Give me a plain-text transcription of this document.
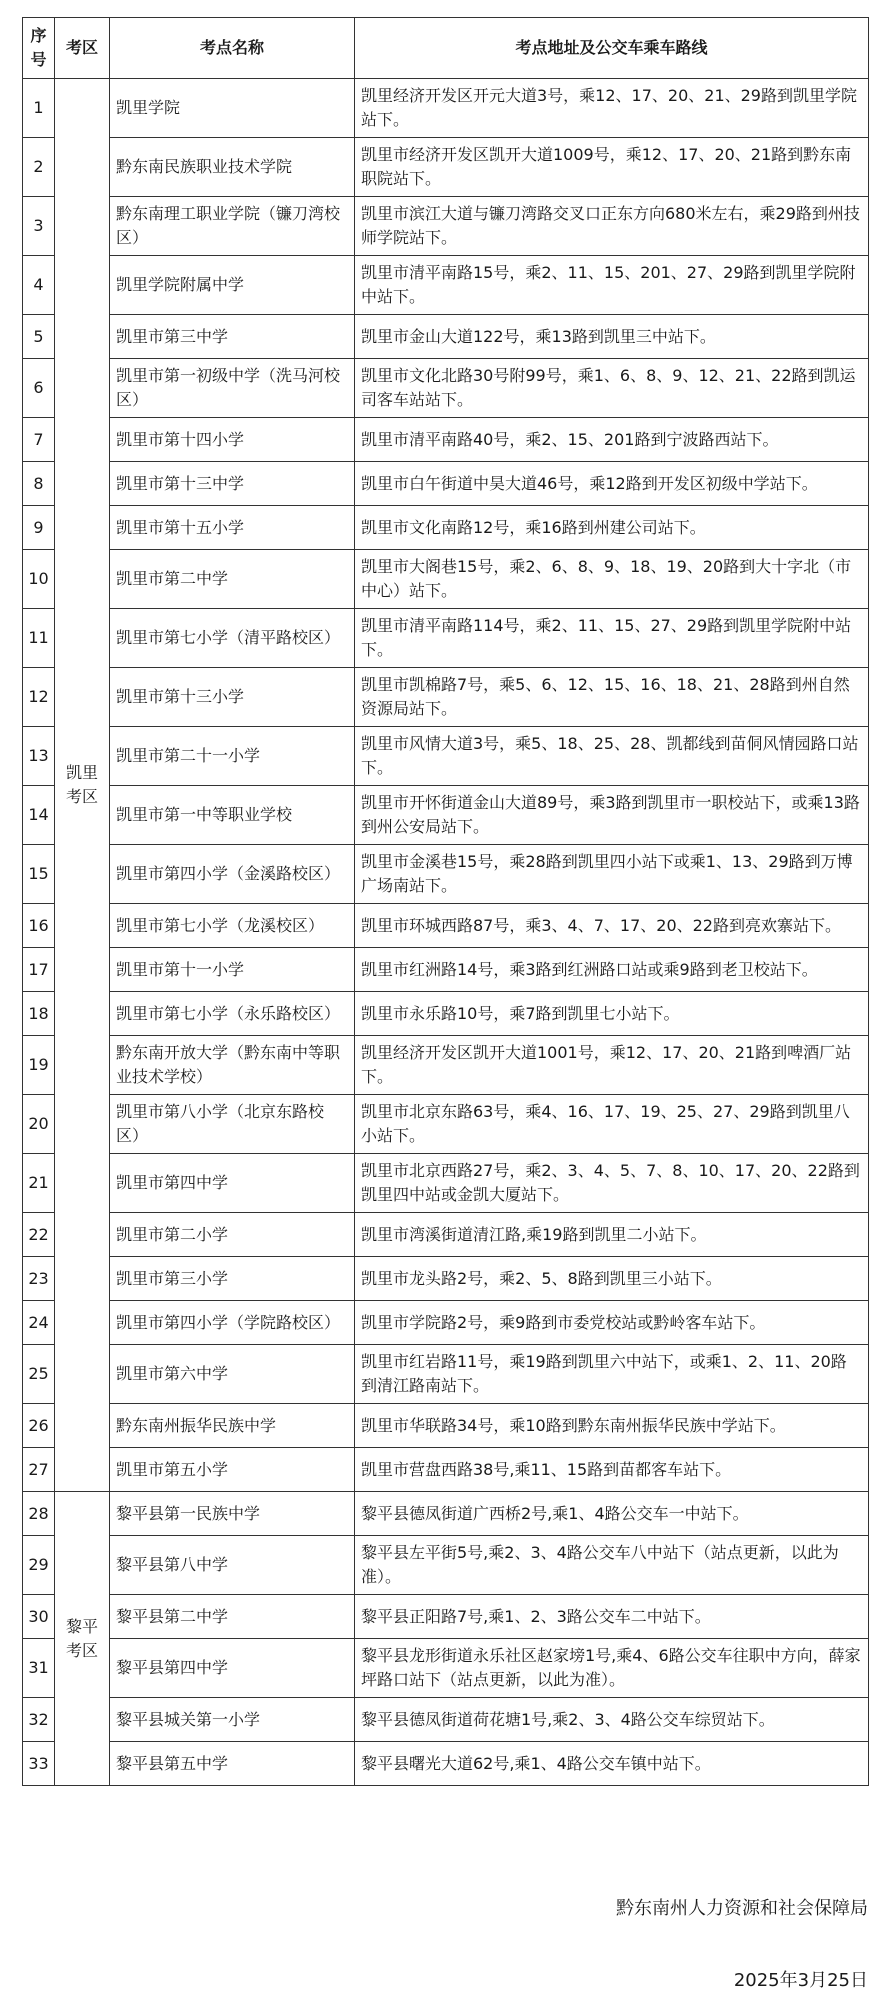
序号	考区	考点名称	考点地址及公交车乘车路线
1	凯里考区	凯里学院	凯里经济开发区开元大道3号，乘12、17、20、21、29路到凯里学院站下。
2		黔东南民族职业技术学院	凯里市经济开发区凯开大道1009号，乘12、17、20、21路到黔东南职院站下。
3		黔东南理工职业学院（镰刀湾校区）	凯里市滨江大道与镰刀湾路交叉口正东方向680米左右，乘29路到州技师学院站下。
4		凯里学院附属中学	凯里市清平南路15号，乘2、11、15、201、27、29路到凯里学院附中站下。
5		凯里市第三中学	凯里市金山大道122号，乘13路到凯里三中站下。
6		凯里市第一初级中学（洗马河校区）	凯里市文化北路30号附99号，乘1、6、8、9、12、21、22路到凯运司客车站站下。
7		凯里市第十四小学	凯里市清平南路40号，乘2、15、201路到宁波路西站下。
8		凯里市第十三中学	凯里市白午街道中昊大道46号，乘12路到开发区初级中学站下。
9		凯里市第十五小学	凯里市文化南路12号，乘16路到州建公司站下。
10		凯里市第二中学	凯里市大阁巷15号，乘2、6、8、9、18、19、20路到大十字北（市中心）站下。
11		凯里市第七小学（清平路校区）	凯里市清平南路114号，乘2、11、15、27、29路到凯里学院附中站下。
12		凯里市第十三小学	凯里市凯棉路7号，乘5、6、12、15、16、18、21、28路到州自然资源局站下。
13		凯里市第二十一小学	凯里市风情大道3号，乘5、18、25、28、凯都线到苗侗风情园路口站下。
14		凯里市第一中等职业学校	凯里市开怀街道金山大道89号，乘3路到凯里市一职校站下，或乘13路到州公安局站下。
15		凯里市第四小学（金溪路校区）	凯里市金溪巷15号，乘28路到凯里四小站下或乘1、13、29路到万博广场南站下。
16		凯里市第七小学（龙溪校区）	凯里市环城西路87号，乘3、4、7、17、20、22路到亮欢寨站下。
17		凯里市第十一小学	凯里市红洲路14号，乘3路到红洲路口站或乘9路到老卫校站下。
18		凯里市第七小学（永乐路校区）	凯里市永乐路10号，乘7路到凯里七小站下。
19		黔东南开放大学（黔东南中等职业技术学校）	凯里经济开发区凯开大道1001号，乘12、17、20、21路到啤酒厂站下。
20		凯里市第八小学（北京东路校区）	凯里市北京东路63号，乘4、16、17、19、25、27、29路到凯里八小站下。
21		凯里市第四中学	凯里市北京西路27号，乘2、3、4、5、7、8、10、17、20、22路到凯里四中站或金凯大厦站下。
22		凯里市第二小学	凯里市湾溪街道清江路,乘19路到凯里二小站下。
23		凯里市第三小学	凯里市龙头路2号，乘2、5、8路到凯里三小站下。
24		凯里市第四小学（学院路校区）	凯里市学院路2号，乘9路到市委党校站或黔岭客车站下。
25		凯里市第六中学	凯里市红岩路11号，乘19路到凯里六中站下，或乘1、2、11、20路到清江路南站下。
26		黔东南州振华民族中学	凯里市华联路34号，乘10路到黔东南州振华民族中学站下。
27		凯里市第五小学	凯里市营盘西路38号,乘11、15路到苗都客车站下。
28	黎平考区	黎平县第一民族中学	黎平县德凤街道广西桥2号,乘1、4路公交车一中站下。
29		黎平县第八中学	黎平县左平街5号,乘2、3、4路公交车八中站下（站点更新，以此为准）。
30		黎平县第二中学	黎平县正阳路7号,乘1、2、3路公交车二中站下。
31		黎平县第四中学	黎平县龙形街道永乐社区赵家塝1号,乘4、6路公交车往职中方向，薛家坪路口站下（站点更新，以此为准）。
32		黎平县城关第一小学	黎平县德凤街道荷花塘1号,乘2、3、4路公交车综贸站下。
33		黎平县第五中学	黎平县曙光大道62号,乘1、4路公交车镇中站下。
黔东南州人力资源和社会保障局
2025年3月25日
